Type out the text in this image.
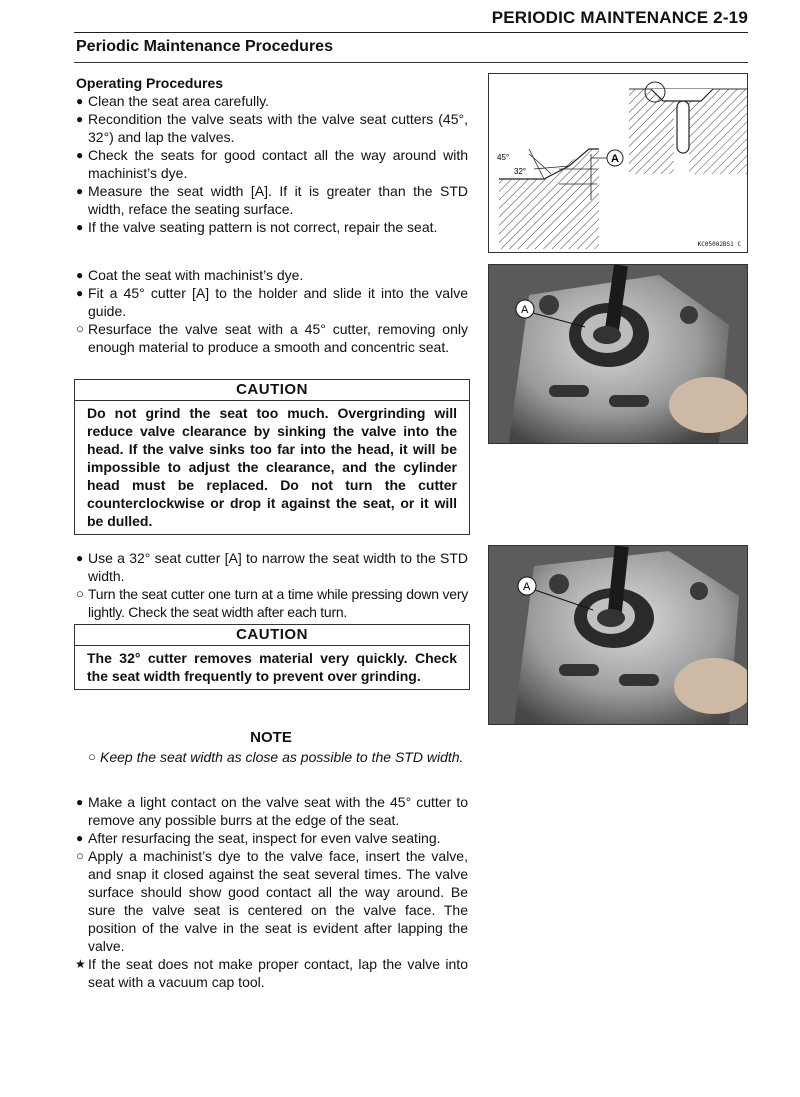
PERIODIC MAINTENANCE 2-19
Periodic Maintenance Procedures

Operating Procedures

● Clean the seat area carefully.

● Recondition the valve seats with the valve seat cutters (45°, 32°) and lap the valves.

● Check the seats for good contact all the way around with machinist’s dye.

● Measure the seat width [A]. If it is greater than the STD width, reface the seating surface.

● If the valve seating pattern is not correct, repair the seat.

● Coat the seat with machinist’s dye.

● Fit a 45° cutter [A] to the holder and slide it into the valve guide.

○ Resurface the valve seat with a 45° cutter, removing only enough material to produce a smooth and concentric seat.

CAUTION
Do not grind the seat too much. Overgrinding will reduce valve clearance by sinking the valve into the head. If the valve sinks too far into the head, it will be impossible to adjust the clearance, and the cylinder head must be replaced. Do not turn the cutter counterclockwise or drop it against the seat, or it will be dulled.

● Use a 32° seat cutter [A] to narrow the seat width to the STD width.

○ Turn the seat cutter one turn at a time while pressing down very lightly. Check the seat width after each turn.

CAUTION
The 32° cutter removes material very quickly. Check the seat width frequently to prevent over grinding.
NOTE

○ Keep the seat width as close as possible to the STD width.

● Make a light contact on the valve seat with the 45° cutter to remove any possible burrs at the edge of the seat.

● After resurfacing the seat, inspect for even valve seating.

○ Apply a machinist’s dye to the valve face, insert the valve, and snap it closed against the seat several times. The valve surface should show good contact all the way around. Be sure the valve seat is centered on the valve face. The position of the valve in the seat is evident after lapping the valve.

★ If the seat does not make proper contact, lap the valve into seat with a vacuum cap tool.

45°
32°
A
KC05002BS1 C
A
A
